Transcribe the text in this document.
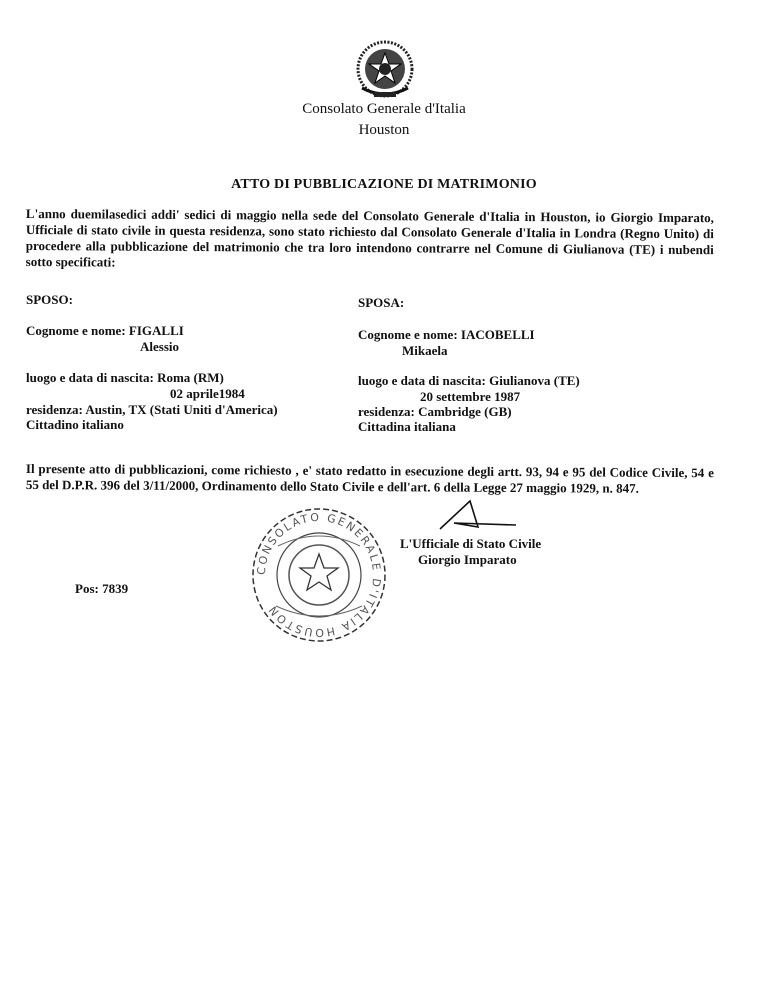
Consolato Generale d'Italia
Houston
ATTO DI PUBBLICAZIONE DI MATRIMONIO
L'anno duemilasedici addi' sedici di maggio nella sede del Consolato Generale d'Italia in Houston, io Giorgio Imparato, Ufficiale di stato civile in questa residenza, sono stato richiesto dal Consolato Generale d'Italia in Londra (Regno Unito) di procedere alla pubblicazione del matrimonio che tra loro intendono contrarre nel Comune di Giulianova (TE) i nubendi sotto specificati:
SPOSO:
Cognome e nome: FIGALLI
Alessio
luogo e data di nascita: Roma (RM)
02 aprile1984
residenza: Austin, TX (Stati Uniti d'America)
Cittadino italiano
SPOSA:
Cognome e nome: IACOBELLI
Mikaela
luogo e data di nascita: Giulianova (TE)
20 settembre 1987
residenza: Cambridge (GB)
Cittadina italiana
Il presente atto di pubblicazioni, come richiesto , e' stato redatto in esecuzione degli artt. 93, 94 e 95 del Codice Civile, 54 e 55 del D.P.R. 396 del 3/11/2000, Ordinamento dello Stato Civile e dell'art. 6 della Legge 27 maggio 1929, n. 847.
CONSOLATO GENERALE D'ITALIA HOUSTON
L'Ufficiale di Stato Civile
Giorgio Imparato
Pos: 7839
